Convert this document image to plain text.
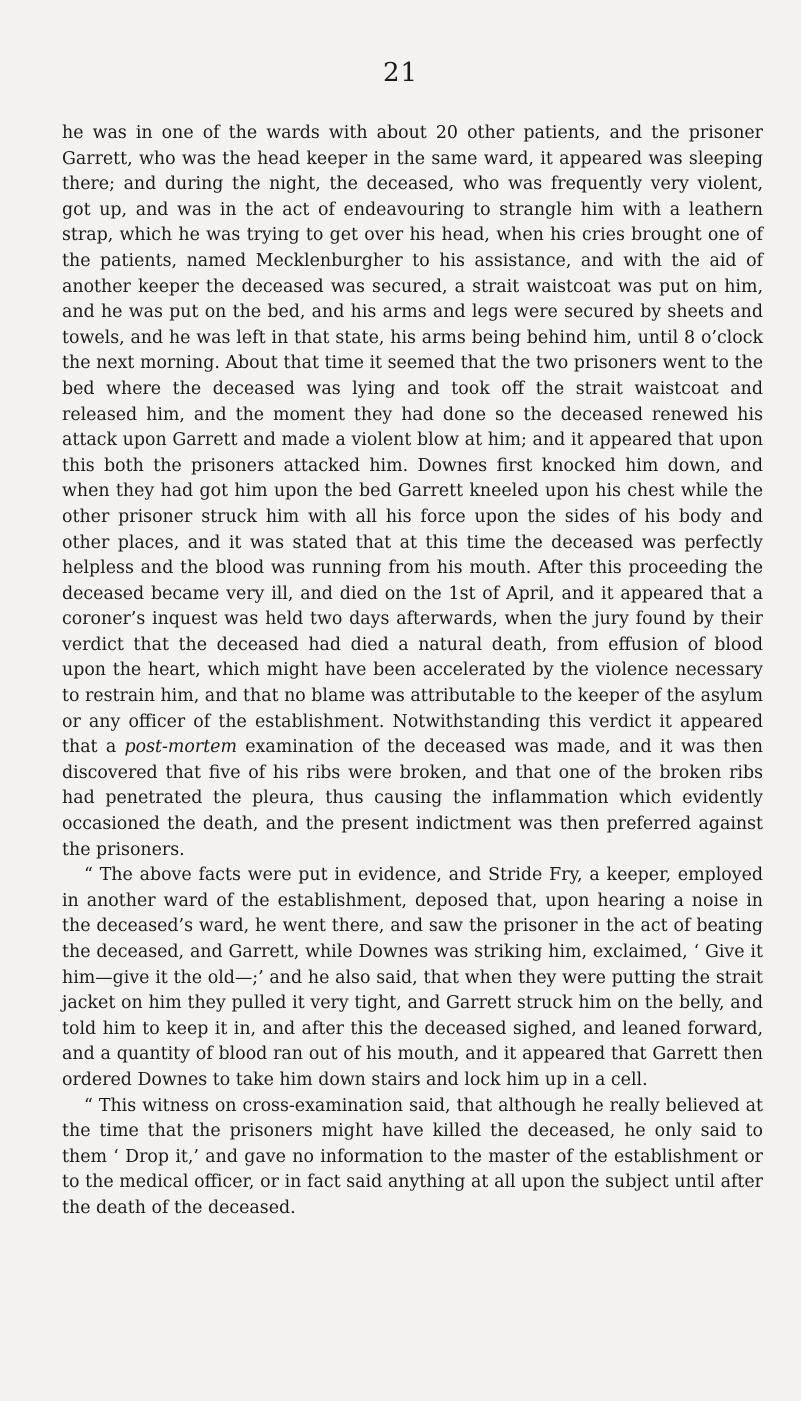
21

he was in one of the wards with about 20 other patients, and the prisoner Garrett, who was the head keeper in the same ward, it appeared was sleeping there; and during the night, the deceased, who was frequently very violent, got up, and was in the act of endeavouring to strangle him with a leathern strap, which he was trying to get over his head, when his cries brought one of the patients, named Mecklenburgher to his assistance, and with the aid of another keeper the deceased was secured, a strait waistcoat was put on him, and he was put on the bed, and his arms and legs were secured by sheets and towels, and he was left in that state, his arms being behind him, until 8 o’clock the next morning. About that time it seemed that the two prisoners went to the bed where the deceased was lying and took off the strait waistcoat and released him, and the moment they had done so the deceased renewed his attack upon Garrett and made a violent blow at him; and it appeared that upon this both the prisoners attacked him. Downes first knocked him down, and when they had got him upon the bed Garrett kneeled upon his chest while the other prisoner struck him with all his force upon the sides of his body and other places, and it was stated that at this time the deceased was perfectly helpless and the blood was running from his mouth. After this proceeding the deceased became very ill, and died on the 1st of April, and it appeared that a coroner’s inquest was held two days afterwards, when the jury found by their verdict that the deceased had died a natural death, from effusion of blood upon the heart, which might have been accelerated by the violence necessary to restrain him, and that no blame was attributable to the keeper of the asylum or any officer of the establishment. Notwithstanding this verdict it appeared that a post-mortem examination of the deceased was made, and it was then discovered that five of his ribs were broken, and that one of the broken ribs had penetrated the pleura, thus causing the inflammation which evidently occasioned the death, and the present indictment was then preferred against the prisoners.

“ The above facts were put in evidence, and Stride Fry, a keeper, employed in another ward of the establishment, deposed that, upon hearing a noise in the deceased’s ward, he went there, and saw the prisoner in the act of beating the deceased, and Garrett, while Downes was striking him, exclaimed, ‘ Give it him—give it the old—;’ and he also said, that when they were putting the strait jacket on him they pulled it very tight, and Garrett struck him on the belly, and told him to keep it in, and after this the deceased sighed, and leaned forward, and a quantity of blood ran out of his mouth, and it appeared that Garrett then ordered Downes to take him down stairs and lock him up in a cell.

“ This witness on cross-examination said, that although he really believed at the time that the prisoners might have killed the deceased, he only said to them ‘ Drop it,’ and gave no information to the master of the establishment or to the medical officer, or in fact said anything at all upon the subject until after the death of the deceased.
